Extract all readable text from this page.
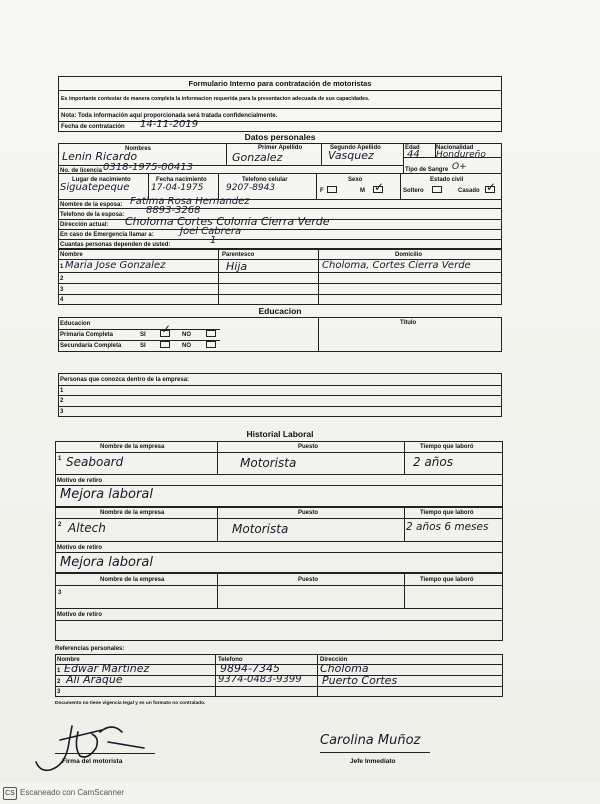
Formulario Interno para contratación de motoristas
Es importante contestar de manera completa la informacion requerida para la presentacion adecuada de sus capacidades.
Nota: Toda información aquí proporcionada será tratada confidencialmente.
Fecha de contratación 14-11-2019
Datos personales
Nombres	Primer Apellido	Segundo Apellido	Edad	Nacionalidad
Lenin Ricardo	Gonzalez	Vasquez	44 Hondureño
No. de licencia 0318-1975-00413	Tipo de Sangre O+
Lugar de nacimiento	Fecha nacimiento	Telefono celular	Sexo	Estado civil
Siguatepeque 17-04-1975	9207-8943	F	M ✓	Soltero	Casado ✓
Nombre de la esposa: Fatima Rosa Hernandez
Telefono de la esposa: 8893-3268
Dirección actual: Choloma Cortes Colonia Cierra Verde
En caso de Emergencia llamar a:	Joel Cabrera
Cuantas personas dependen de usted:	1
Nombre	Parentesco	Domicilio
1 Maria Jose Gonzalez	Hija	Choloma, Cortes Cierra Verde
2
3
4
Educacion
Educacion	Titulo
Primaria Completa	SI ✓ NO
Secundaria Completa	SI	NO
Personas que conozca dentro de la empresa:
1
2
3
Historial Laboral
Nombre de la empresa	Puesto	Tiempo que laboró
1 Seaboard	Motorista	2 años
Motivo de retiro
Mejora laboral
Nombre de la empresa	Puesto	Tiempo que laboró
2 Altech	Motorista	2 años 6 meses
Motivo de retiro
Mejora laboral
Nombre de la empresa	Puesto	Tiempo que laboró
3
Motivo de retiro
Referencias personales:
Nombre	Telefono	Dirección
1 Edwar Martinez	9894-7345	Choloma
2 Ali Araque	9374-0483-9399 Puerto Cortes
3
Documento no tiene vigencia legal y es un formato no contralado.
Firma del motorista
Carolina Muñoz
Jefe Inmediato
CS Escaneado con CamScanner
